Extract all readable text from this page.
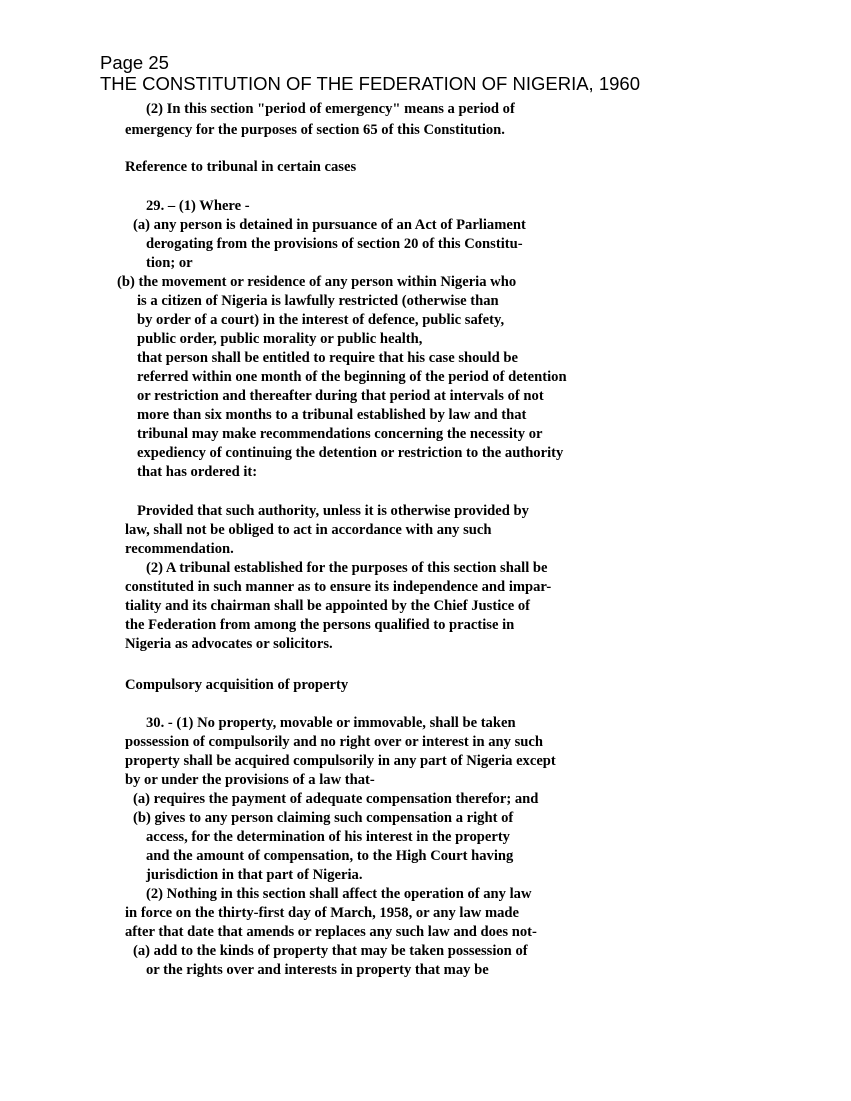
Page 25
THE CONSTITUTION OF THE FEDERATION OF NIGERIA, 1960
(2) In this section "period of emergency" means a period of
emergency for the purposes of section 65 of this Constitution.
Reference to tribunal in certain cases
29. – (1) Where -
(a) any person is detained in pursuance of an Act of Parliament
derogating from the provisions of section 20 of this Constitu-
tion; or
(b) the movement or residence of any person within Nigeria who
is a citizen of Nigeria is lawfully restricted (otherwise than
by order of a court) in the interest of defence, public safety,
public order, public morality or public health,
that person shall be entitled to require that his case should be
referred within one month of the beginning of the period of detention
or restriction and thereafter during that period at intervals of not
more than six months to a tribunal established by law and that
tribunal may make recommendations concerning the necessity or
expediency of continuing the detention or restriction to the authority
that has ordered it:
Provided that such authority, unless it is otherwise provided by
law, shall not be obliged to act in accordance with any such
recommendation.
(2) A tribunal established for the purposes of this section shall be
constituted in such manner as to ensure its independence and impar-
tiality and its chairman shall be appointed by the Chief Justice of
the Federation from among the persons qualified to practise in
Nigeria as advocates or solicitors.
Compulsory acquisition of property
30. - (1) No property, movable or immovable, shall be taken
possession of compulsorily and no right over or interest in any such
property shall be acquired compulsorily in any part of Nigeria except
by or under the provisions of a law that-
(a) requires the payment of adequate compensation therefor; and
(b) gives to any person claiming such compensation a right of
access, for the determination of his interest in the property
and the amount of compensation, to the High Court having
jurisdiction in that part of Nigeria.
(2) Nothing in this section shall affect the operation of any law
in force on the thirty-first day of March, 1958, or any law made
after that date that amends or replaces any such law and does not-
(a) add to the kinds of property that may be taken possession of
or the rights over and interests in property that may be
